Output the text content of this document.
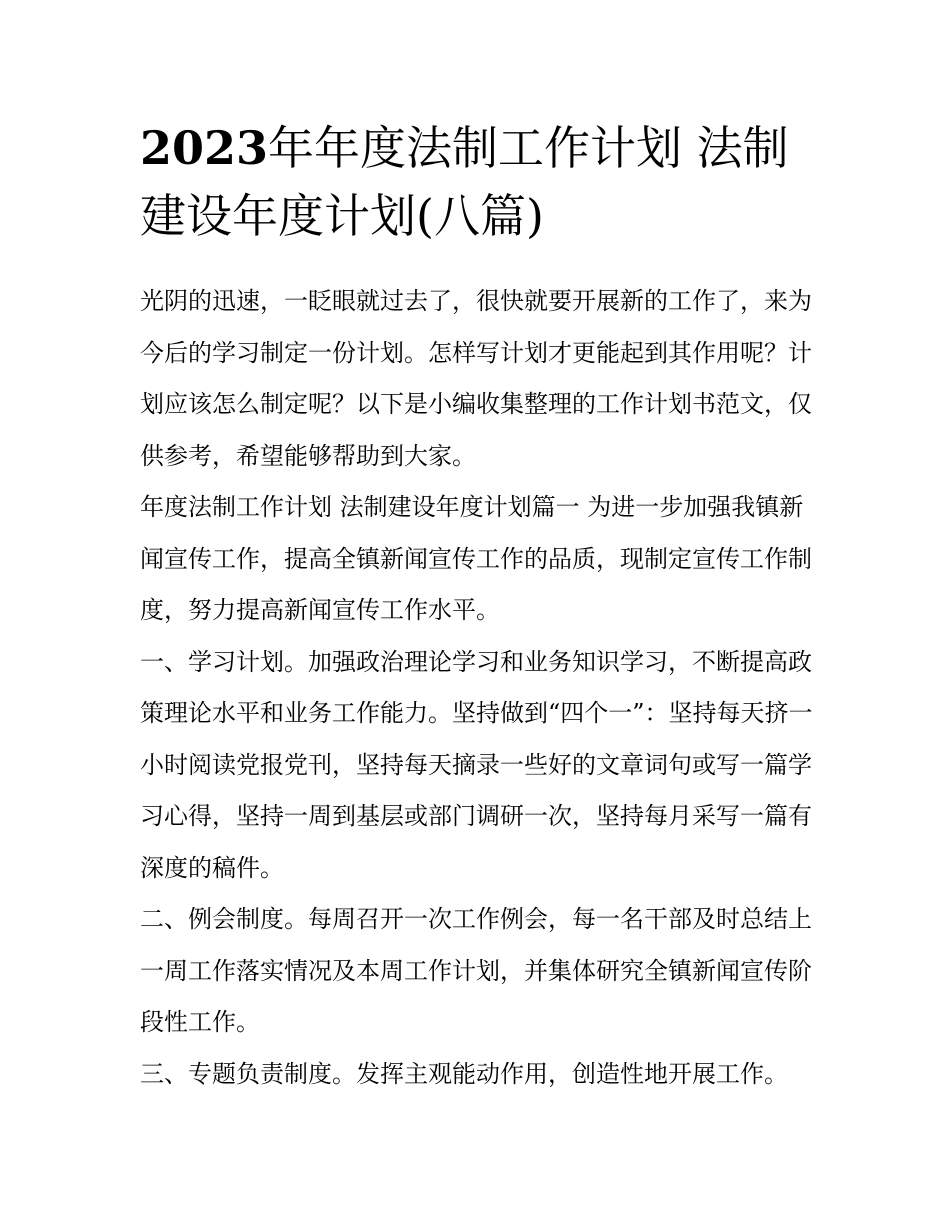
2023年年度法制工作计划 法制建设年度计划(八篇)

光阴的迅速，一眨眼就过去了，很快就要开展新的工作了，来为今后的学习制定一份计划。怎样写计划才更能起到其作用呢？计划应该怎么制定呢？以下是小编收集整理的工作计划书范文，仅供参考，希望能够帮助到大家。

年度法制工作计划 法制建设年度计划篇一 为进一步加强我镇新闻宣传工作，提高全镇新闻宣传工作的品质，现制定宣传工作制度，努力提高新闻宣传工作水平。

一、学习计划。加强政治理论学习和业务知识学习，不断提高政策理论水平和业务工作能力。坚持做到“四个一”：坚持每天挤一小时阅读党报党刊，坚持每天摘录一些好的文章词句或写一篇学习心得，坚持一周到基层或部门调研一次，坚持每月采写一篇有深度的稿件。

二、例会制度。每周召开一次工作例会，每一名干部及时总结上一周工作落实情况及本周工作计划，并集体研究全镇新闻宣传阶段性工作。

三、专题负责制度。发挥主观能动作用，创造性地开展工作。
